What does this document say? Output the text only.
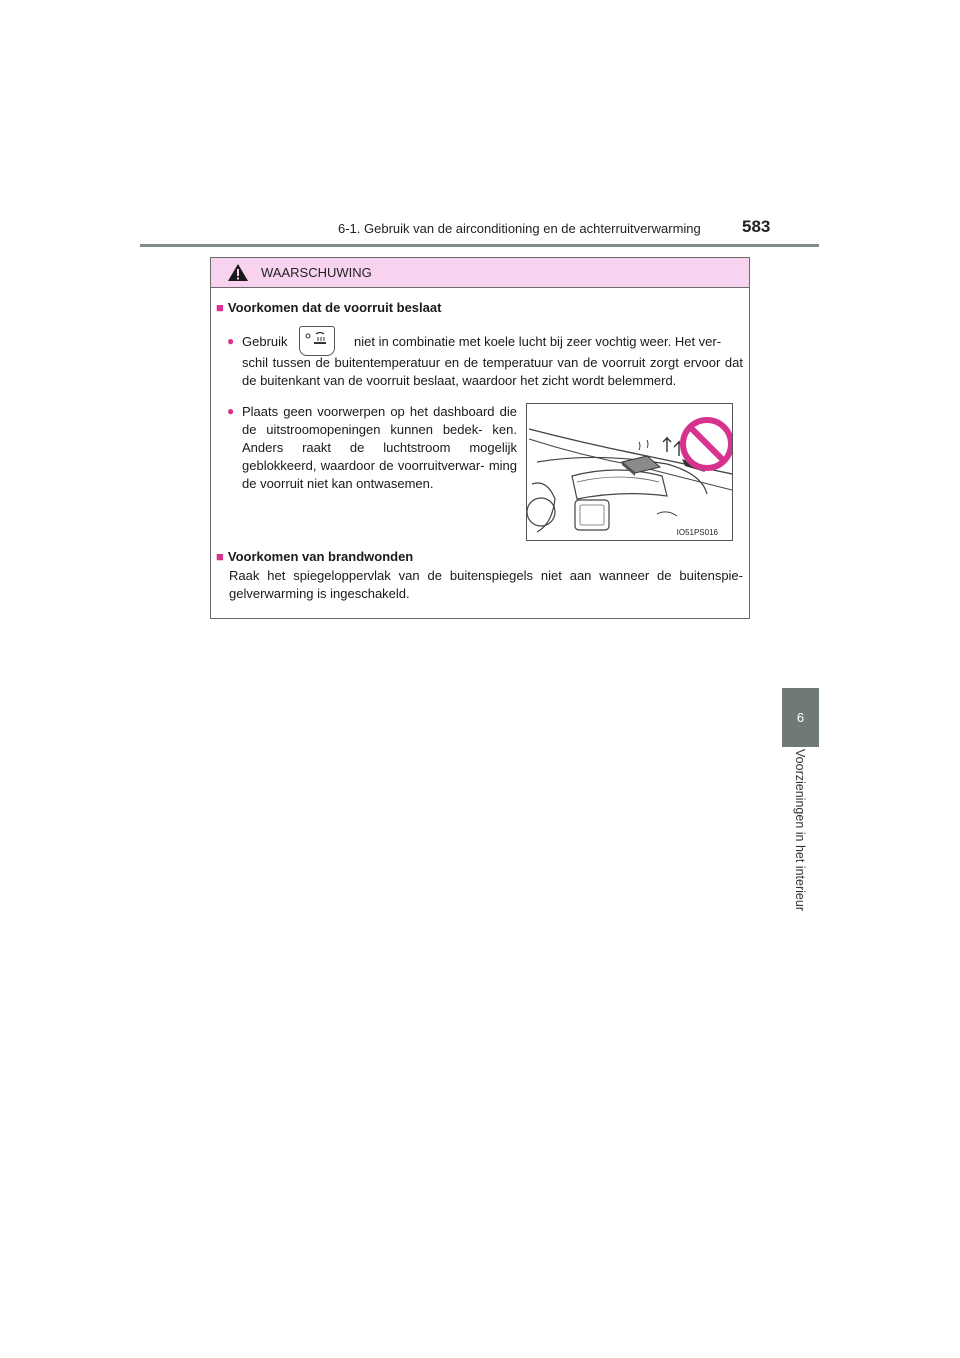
6-1. Gebruik van de airconditioning en de achterruitverwarming 583
6
Voorzieningen in het interieur
WAARSCHUWING
■ Voorkomen dat de voorruit beslaat
● Gebruik	niet in combinatie met koele lucht bij zeer vochtig weer. Het ver-
schil tussen de buitentemperatuur en de temperatuur van de voorruit zorgt ervoor dat de buitenkant van de voorruit beslaat, waardoor het zicht wordt belemmerd.
● Plaats geen voorwerpen op het dashboard die de uitstroomopeningen kunnen bedek- ken. Anders raakt de luchtstroom mogelijk geblokkeerd, waardoor de voorruitverwar- ming de voorruit niet kan ontwasemen.
IO51PS016
■ Voorkomen van brandwonden
Raak het spiegeloppervlak van de buitenspiegels niet aan wanneer de buitenspie- gelverwarming is ingeschakeld.
